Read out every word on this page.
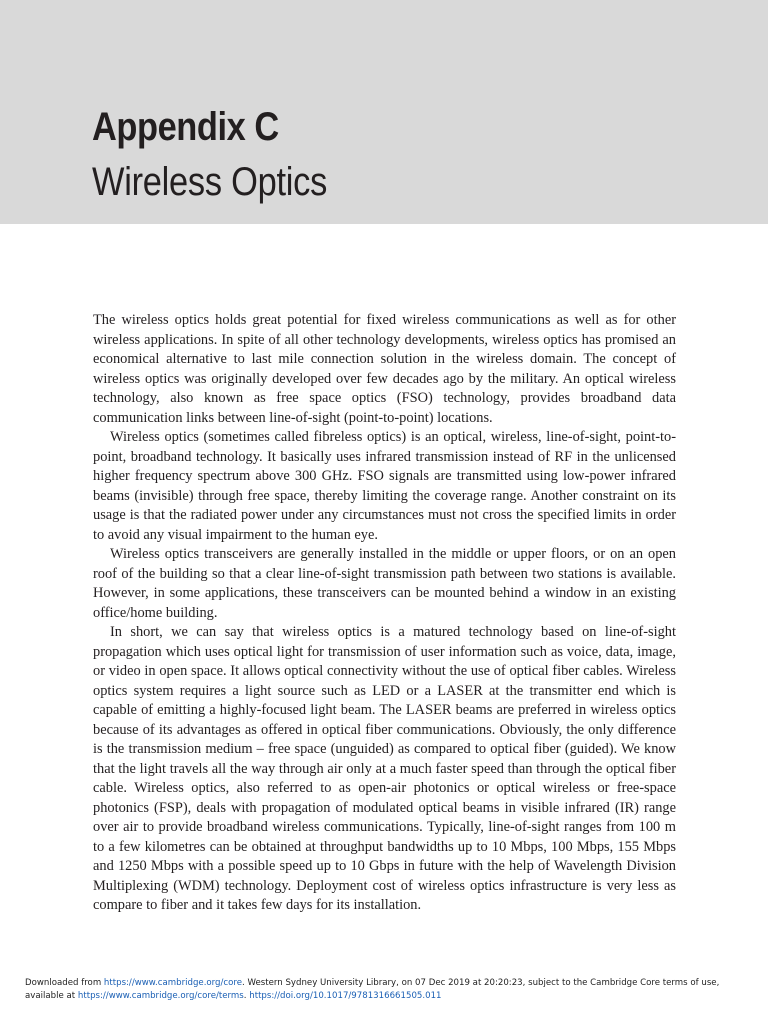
Appendix C
Wireless Optics

The wireless optics holds great potential for fixed wireless communications as well as for other wireless applications. In spite of all other technology developments, wireless optics has promised an economical alternative to last mile connection solution in the wireless domain. The concept of wireless optics was originally developed over few decades ago by the military. An optical wireless technology, also known as free space optics (FSO) technology, provides broadband data communication links between line-of-sight (point-to-point) locations.

Wireless optics (sometimes called fibreless optics) is an optical, wireless, line-of-sight, point-to-point, broadband technology. It basically uses infrared transmission instead of RF in the unlicensed higher frequency spectrum above 300 GHz. FSO signals are transmitted using low-power infrared beams (invisible) through free space, thereby limiting the coverage range. Another constraint on its usage is that the radiated power under any circumstances must not cross the specified limits in order to avoid any visual impairment to the human eye.

Wireless optics transceivers are generally installed in the middle or upper floors, or on an open roof of the building so that a clear line-of-sight transmission path between two stations is available. However, in some applications, these transceivers can be mounted behind a window in an existing office/home building.

In short, we can say that wireless optics is a matured technology based on line-of-sight propagation which uses optical light for transmission of user information such as voice, data, image, or video in open space. It allows optical connectivity without the use of optical fiber cables. Wireless optics system requires a light source such as LED or a LASER at the transmitter end which is capable of emitting a highly-focused light beam. The LASER beams are preferred in wireless optics because of its advantages as offered in optical fiber communications. Obviously, the only difference is the transmission medium – free space (unguided) as compared to optical fiber (guided). We know that the light travels all the way through air only at a much faster speed than through the optical fiber cable. Wireless optics, also referred to as open-air photonics or optical wireless or free-space photonics (FSP), deals with propagation of modulated optical beams in visible infrared (IR) range over air to provide broadband wireless communications. Typically, line-of-sight ranges from 100 m to a few kilometres can be obtained at throughput bandwidths up to 10 Mbps, 100 Mbps, 155 Mbps and 1250 Mbps with a possible speed up to 10 Gbps in future with the help of Wavelength Division Multiplexing (WDM) technology. Deployment cost of wireless optics infrastructure is very less as compare to fiber and it takes few days for its installation.

Downloaded from https://www.cambridge.org/core. Western Sydney University Library, on 07 Dec 2019 at 20:20:23, subject to the Cambridge Core terms of use, available at https://www.cambridge.org/core/terms. https://doi.org/10.1017/9781316661505.011
